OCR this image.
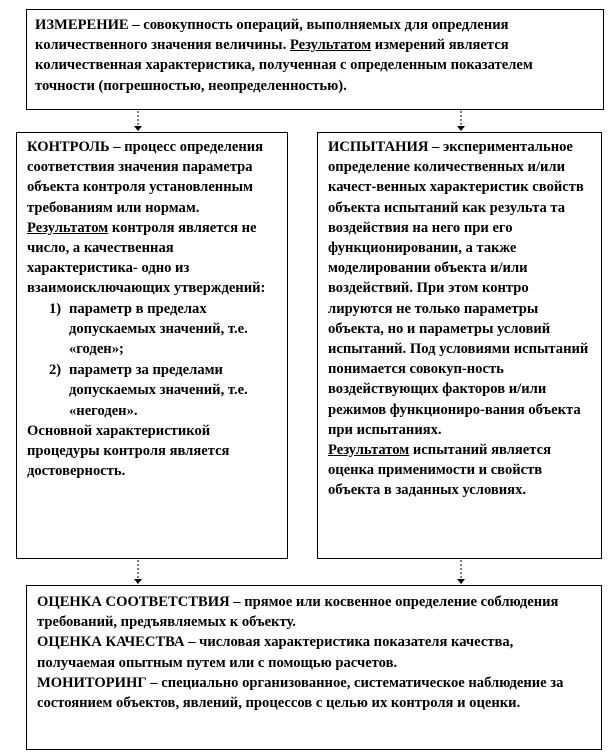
ИЗМЕРЕНИЕ – совокупность операций, выполняемых для опредления количественного значения величины. Результатом измерений является количественная характеристика, полученная с определенным показателем точности (погрешностью, неопределенностью).

КОНТРОЛЬ – процесс определения соответствия значения параметра объекта контроля установленным требованиям или нормам.

Результатом контроля является не число, а качественная характеристика- одно из взаимоисключающих утверждений:

1) параметр в пределах допускаемых значений, т.е. «годен»;
2) параметр за пределами допускаемых значений, т.е. «негоден».

Основной характеристикой процедуры контроля является достоверность.

ИСПЫТАНИЯ – экспериментальное определение количественных и/или качест-венных характеристик свойств объекта испытаний как результа та воздействия на него при его функционировании, а также моделировании объекта и/или воздействий. При этом контро лируются не только параметры объекта, но и параметры условий испытаний. Под условиями испытаний понимается совокуп-ность воздействующих факторов и/или режимов функциониро-вания объекта при испытаниях.

Результатом испытаний является оценка применимости и свойств объекта в заданных условиях.

ОЦЕНКА СООТВЕТСТВИЯ – прямое или косвенное определение соблюдения требований, предъявляемых к объекту.

ОЦЕНКА КАЧЕСТВА – числовая характеристика показателя качества, получаемая опытным путем или с помощью расчетов.

МОНИТОРИНГ – специально организованное, систематическое наблюдение за состоянием объектов, явлений, процессов с целью их контроля и оценки.
